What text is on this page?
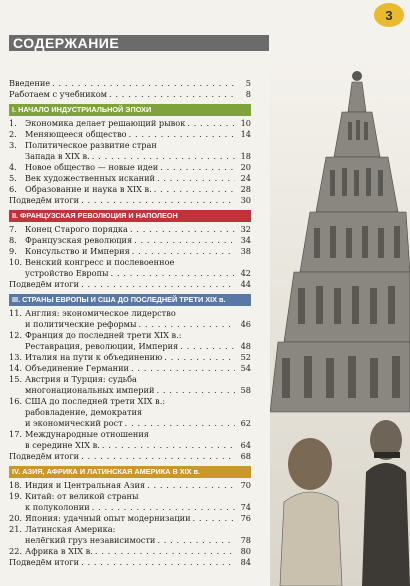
3
СОДЕРЖАНИЕ
Введение . . .	5
Работаем с учебником . . .	8
I. НАЧАЛО ИНДУСТРИАЛЬНОЙ ЭПОХИ
1. Экономика делает решающий рывок . . .	10
2. Меняющееся общество . . .	14
3. Политическое развитие стран
Запада в XIX в. . . .	18
4. Новое общество — новые идеи . . .	20
5. Век художественных исканий . . .	24
6. Образование и наука в XIX в. . . .	28
Подведём итоги . . .	30
II. ФРАНЦУЗСКАЯ РЕВОЛЮЦИЯ И НАПОЛЕОН
7. Конец Старого порядка . . .	32
8. Французская революция . . .	34
9. Консульство и Империя . . .	38
10. Венский конгресс и послевоенное
устройство Европы . . .	42
Подведём итоги . . .	44
III. СТРАНЫ ЕВРОПЫ И США ДО ПОСЛЕДНЕЙ ТРЕТИ XIX в.
11. Англия: экономическое лидерство
и политические реформы . . .	46
12. Франция до последней трети XIX в.:
Реставрация, революции, Империя . . .	48
13. Италия на пути к объединению . . .	52
14. Объединение Германии . . .	54
15. Австрия и Турция: судьба
многонациональных империй . . .	58
16. США до последней трети XIX в.:
рабовладение, демократия
и экономический рост . . .	62
17. Международные отношения
в середине XIX в. . . .	64
Подведём итоги . . .	68
IV. АЗИЯ, АФРИКА И ЛАТИНСКАЯ АМЕРИКА В XIX в.
18. Индия и Центральная Азия . . .	70
19. Китай: от великой страны
к полуколонии . . .	74
20. Япония: удачный опыт модернизации . . .	76
21. Латинская Америка:
нелёгкий груз независимости . . .	78
22. Африка в XIX в. . . .	80
Подведём итоги . . .	84
